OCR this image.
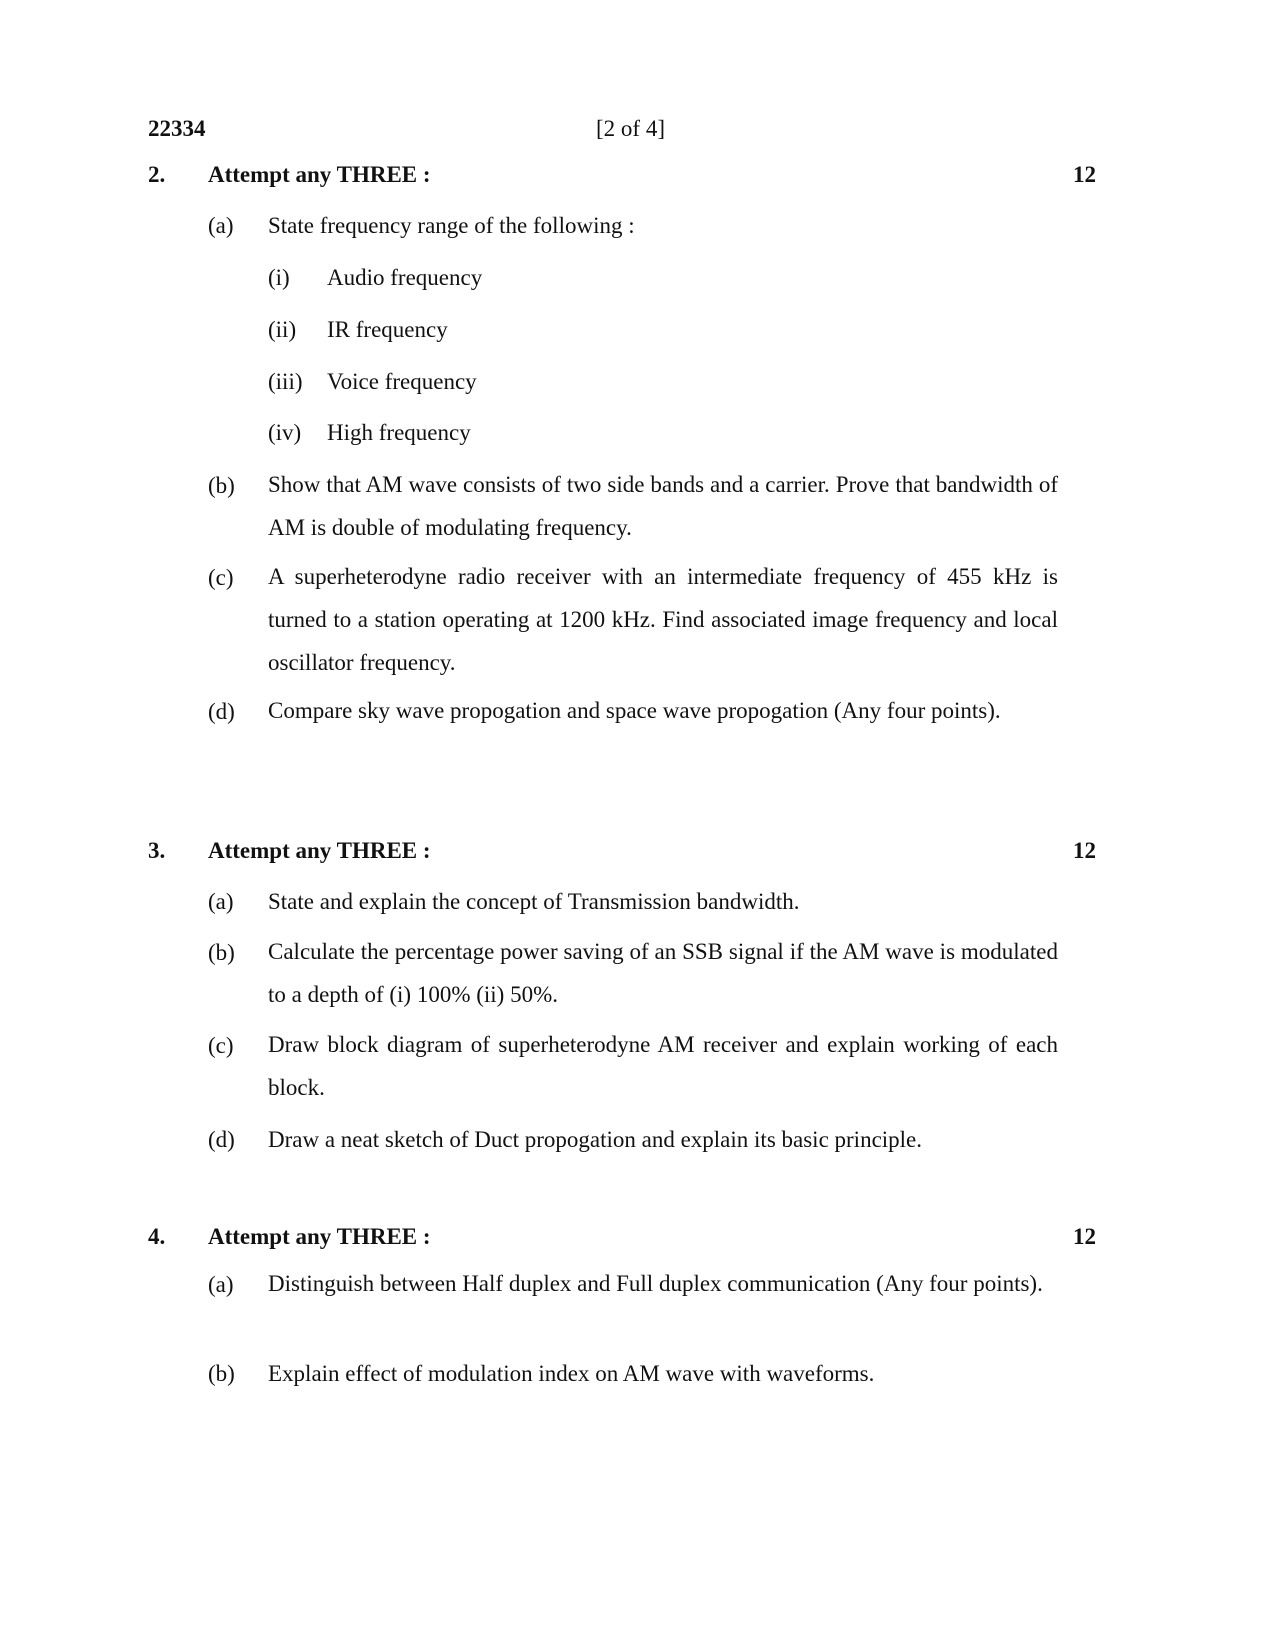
22334	[2 of 4]
2. Attempt any THREE :	12
(a) State frequency range of the following :
(i) Audio frequency
(ii) IR frequency
(iii) Voice frequency
(iv) High frequency
(b) Show that AM wave consists of two side bands and a carrier. Prove that bandwidth of AM is double of modulating frequency.
(c) A superheterodyne radio receiver with an intermediate frequency of 455 kHz is turned to a station operating at 1200 kHz. Find associated image frequency and local oscillator frequency.
(d) Compare sky wave propogation and space wave propogation (Any four points).
3. Attempt any THREE :	12
(a) State and explain the concept of Transmission bandwidth.
(b) Calculate the percentage power saving of an SSB signal if the AM wave is modulated to a depth of (i) 100% (ii) 50%.
(c) Draw block diagram of superheterodyne AM receiver and explain working of each block.
(d) Draw a neat sketch of Duct propogation and explain its basic principle.
4. Attempt any THREE :	12
(a) Distinguish between Half duplex and Full duplex communication (Any four points).
(b) Explain effect of modulation index on AM wave with waveforms.
